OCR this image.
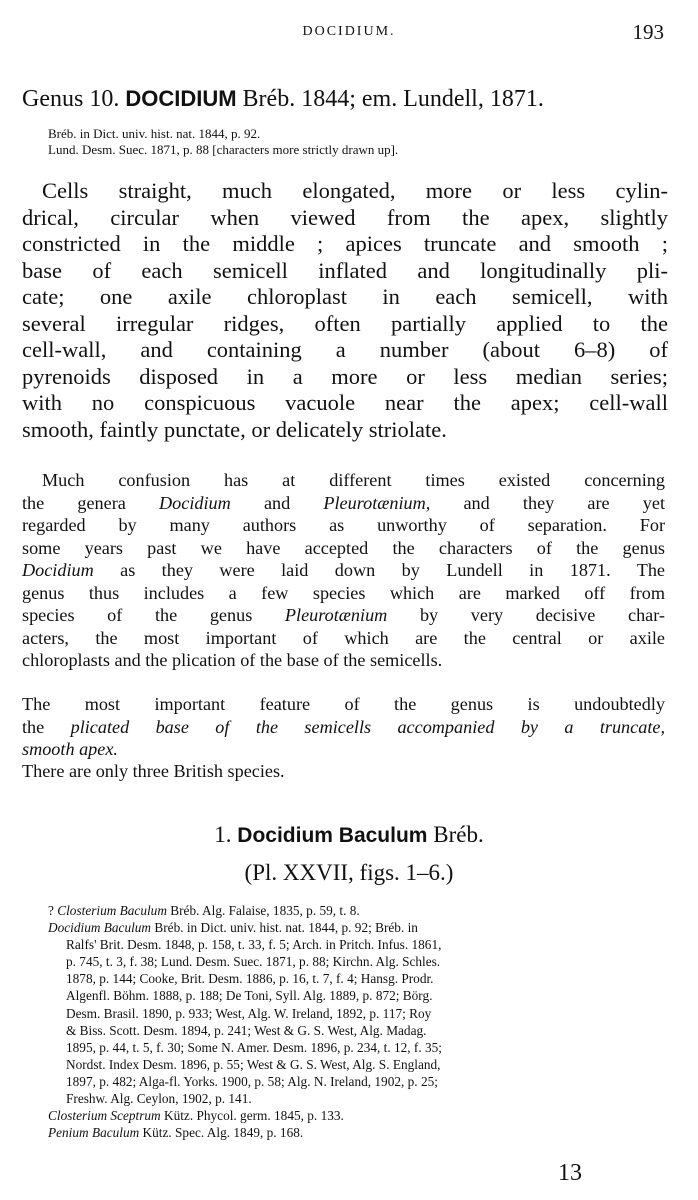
DOCIDIUM.	193
Genus 10. DOCIDIUM Bréb. 1844; em. Lundell, 1871.
Bréb. in Dict. univ. hist. nat. 1844, p. 92.
Lund. Desm. Suec. 1871, p. 88 [characters more strictly drawn up].
Cells straight, much elongated, more or less cylin-
drical, circular when viewed from the apex, slightly
constricted in the middle ; apices truncate and smooth ;
base of each semicell inflated and longitudinally pli-
cate; one axile chloroplast in each semicell, with
several irregular ridges, often partially applied to the
cell-wall, and containing a number (about 6–8) of
pyrenoids disposed in a more or less median series;
with no conspicuous vacuole near the apex; cell-wall
smooth, faintly punctate, or delicately striolate.
Much confusion has at different times existed concerning
the genera Docidium and Pleurotænium, and they are yet
regarded by many authors as unworthy of separation. For
some years past we have accepted the characters of the genus
Docidium as they were laid down by Lundell in 1871. The
genus thus includes a few species which are marked off from
species of the genus Pleurotænium by very decisive char-
acters, the most important of which are the central or axile
chloroplasts and the plication of the base of the semicells.
The most important feature of the genus is undoubtedly
the plicated base of the semicells accompanied by a truncate,
smooth apex.
There are only three British species.
1. Docidium Baculum Bréb.
(Pl. XXVII, figs. 1–6.)
? Closterium Baculum Bréb. Alg. Falaise, 1835, p. 59, t. 8.
Docidium Baculum Bréb. in Dict. univ. hist. nat. 1844, p. 92; Bréb. in
Ralfs' Brit. Desm. 1848, p. 158, t. 33, f. 5; Arch. in Pritch. Infus. 1861,
p. 745, t. 3, f. 38; Lund. Desm. Suec. 1871, p. 88; Kirchn. Alg. Schles.
1878, p. 144; Cooke, Brit. Desm. 1886, p. 16, t. 7, f. 4; Hansg. Prodr.
Algenfl. Böhm. 1888, p. 188; De Toni, Syll. Alg. 1889, p. 872; Börg.
Desm. Brasil. 1890, p. 933; West, Alg. W. Ireland, 1892, p. 117; Roy
& Biss. Scott. Desm. 1894, p. 241; West & G. S. West, Alg. Madag.
1895, p. 44, t. 5, f. 30; Some N. Amer. Desm. 1896, p. 234, t. 12, f. 35;
Nordst. Index Desm. 1896, p. 55; West & G. S. West, Alg. S. England,
1897, p. 482; Alga-fl. Yorks. 1900, p. 58; Alg. N. Ireland, 1902, p. 25;
Freshw. Alg. Ceylon, 1902, p. 141.
Closterium Sceptrum Kütz. Phycol. germ. 1845, p. 133.
Penium Baculum Kütz. Spec. Alg. 1849, p. 168.
13
